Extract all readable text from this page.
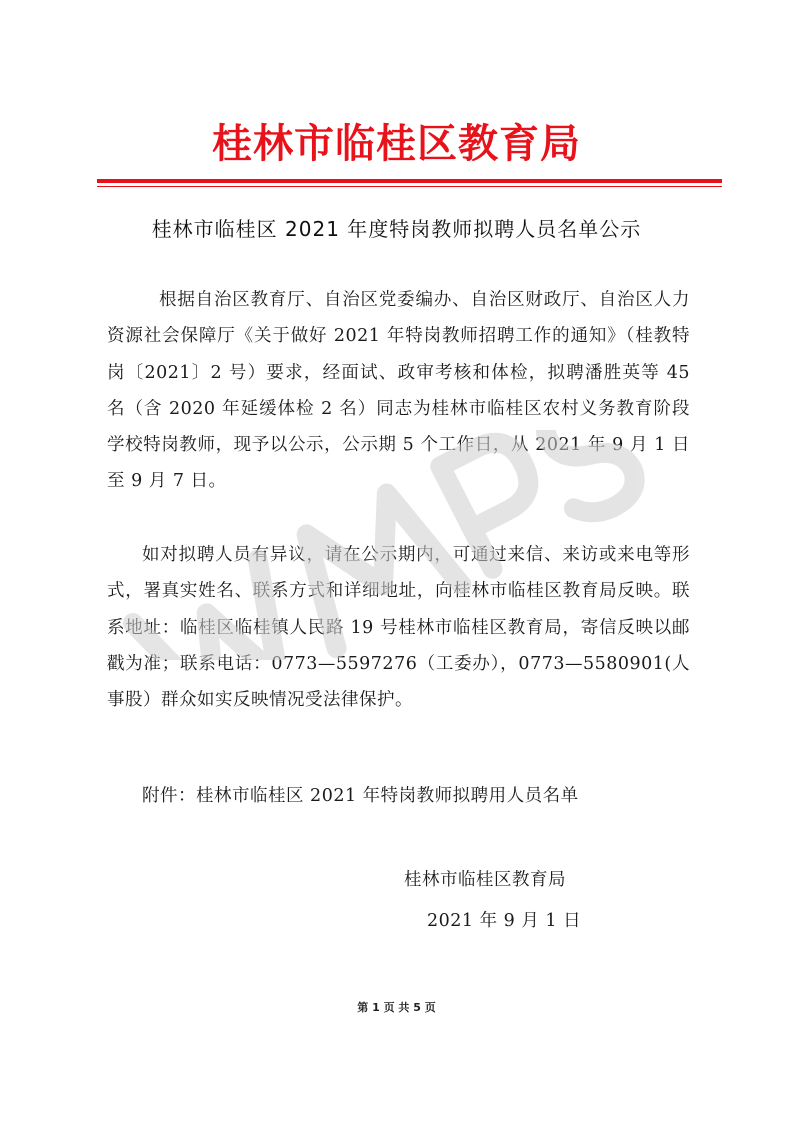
桂林市临桂区教育局
桂林市临桂区 2021 年度特岗教师拟聘人员名单公示
根据自治区教育厅、自治区党委编办、自治区财政厅、自治区人力资源社会保障厅《关于做好 2021 年特岗教师招聘工作的通知》（桂教特岗〔2021〕2 号）要求，经面试、政审考核和体检，拟聘潘胜英等 45 名（含 2020 年延缓体检 2 名）同志为桂林市临桂区农村义务教育阶段学校特岗教师，现予以公示，公示期 5 个工作日，从 2021 年 9 月 1 日至 9 月 7 日。
如对拟聘人员有异议，请在公示期内，可通过来信、来访或来电等形式，署真实姓名、联系方式和详细地址，向桂林市临桂区教育局反映。联系地址：临桂区临桂镇人民路 19 号桂林市临桂区教育局，寄信反映以邮戳为准；联系电话：0773—5597276（工委办），0773—5580901(人事股）群众如实反映情况受法律保护。
附件：桂林市临桂区 2021 年特岗教师拟聘用人员名单
桂林市临桂区教育局
2021 年 9 月 1 日
第 1 页 共 5 页
